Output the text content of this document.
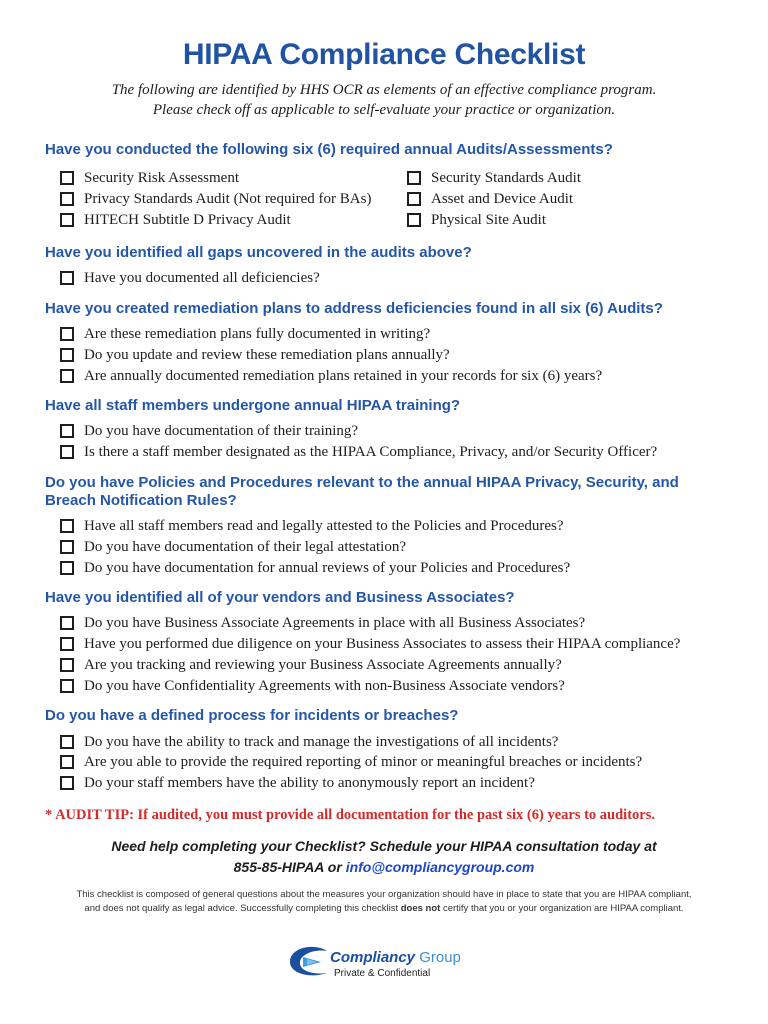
HIPAA Compliance Checklist
The following are identified by HHS OCR as elements of an effective compliance program.
Please check off as applicable to self-evaluate your practice or organization.
Have you conducted the following six (6) required annual Audits/Assessments?
Security Risk Assessment
Privacy Standards Audit (Not required for BAs)
HITECH Subtitle D Privacy Audit
Security Standards Audit
Asset and Device Audit
Physical Site Audit
Have you identified all gaps uncovered in the audits above?
Have you documented all deficiencies?
Have you created remediation plans to address deficiencies found in all six (6) Audits?
Are these remediation plans fully documented in writing?
Do you update and review these remediation plans annually?
Are annually documented remediation plans retained in your records for six (6) years?
Have all staff members undergone annual HIPAA training?
Do you have documentation of their training?
Is there a staff member designated as the HIPAA Compliance, Privacy, and/or Security Officer?
Do you have Policies and Procedures relevant to the annual HIPAA Privacy, Security, and
Breach Notification Rules?
Have all staff members read and legally attested to the Policies and Procedures?
Do you have documentation of their legal attestation?
Do you have documentation for annual reviews of your Policies and Procedures?
Have you identified all of your vendors and Business Associates?
Do you have Business Associate Agreements in place with all Business Associates?
Have you performed due diligence on your Business Associates to assess their HIPAA compliance?
Are you tracking and reviewing your Business Associate Agreements annually?
Do you have Confidentiality Agreements with non-Business Associate vendors?
Do you have a defined process for incidents or breaches?
Do you have the ability to track and manage the investigations of all incidents?
Are you able to provide the required reporting of minor or meaningful breaches or incidents?
Do your staff members have the ability to anonymously report an incident?
* AUDIT TIP: If audited, you must provide all documentation for the past six (6) years to auditors.
Need help completing your Checklist? Schedule your HIPAA consultation today at
855-85-HIPAA or info@compliancygroup.com
This checklist is composed of general questions about the measures your organization should have in place to state that you are HIPAA compliant,
and does not qualify as legal advice. Successfully completing this checklist does not certify that you or your organization are HIPAA compliant.
Compliancy Group
Private & Confidential
